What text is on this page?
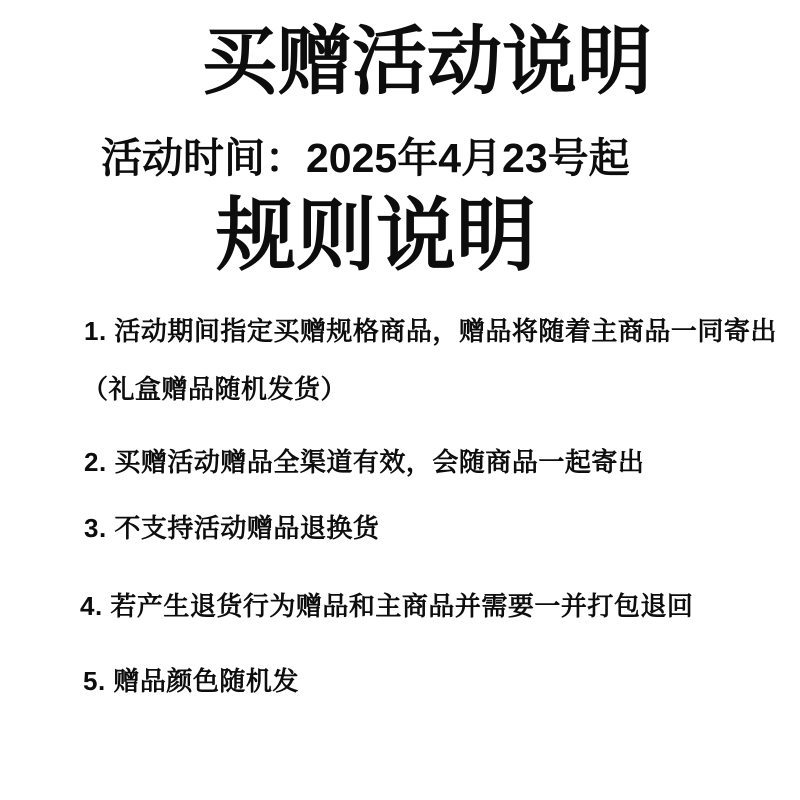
买赠活动说明
活动时间：2025年4月23号起
规则说明
1. 活动期间指定买赠规格商品，赠品将随着主商品一同寄出
（礼盒赠品随机发货）
2. 买赠活动赠品全渠道有效，会随商品一起寄出
3. 不支持活动赠品退换货
4. 若产生退货行为赠品和主商品并需要一并打包退回
5. 赠品颜色随机发
